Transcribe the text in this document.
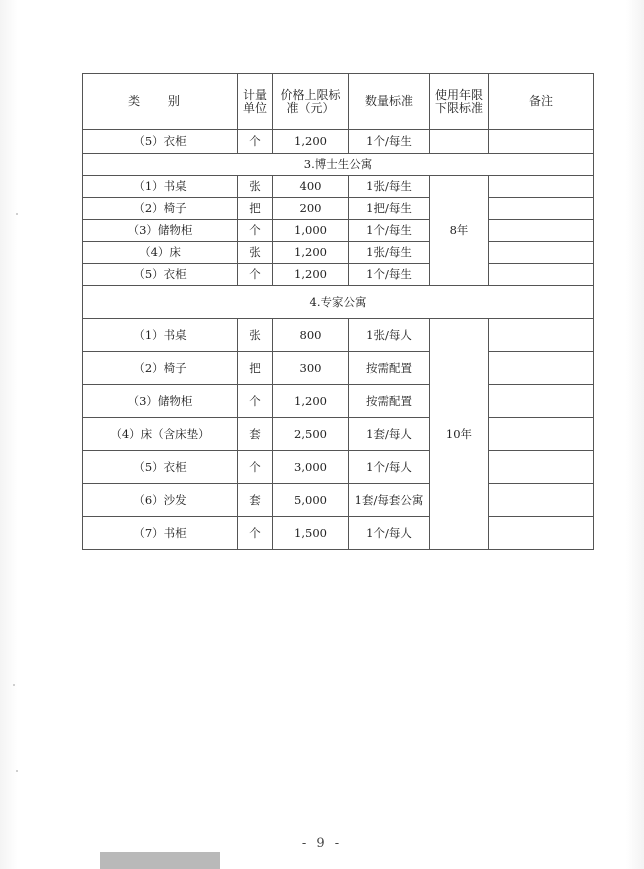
类 别	计量单位	价格上限标准（元）	数量标准	使用年限下限标准	备注
（5）衣柜	个	1,200	1个/每生		
3.博士生公寓					
（1）书桌	张	400	1张/每生	8年	
（2）椅子	把	200	1把/每生		
（3）储物柜	个	1,000	1个/每生		
（4）床	张	1,200	1张/每生		
（5）衣柜	个	1,200	1个/每生		
4.专家公寓					
（1）书桌	张	800	1张/每人	10年	
（2）椅子	把	300	按需配置		
（3）储物柜	个	1,200	按需配置		
（4）床（含床垫）	套	2,500	1套/每人		
（5）衣柜	个	3,000	1个/每人		
（6）沙发	套	5,000	1套/每套公寓		
（7）书柜	个	1,500	1个/每人		
- 9 -
